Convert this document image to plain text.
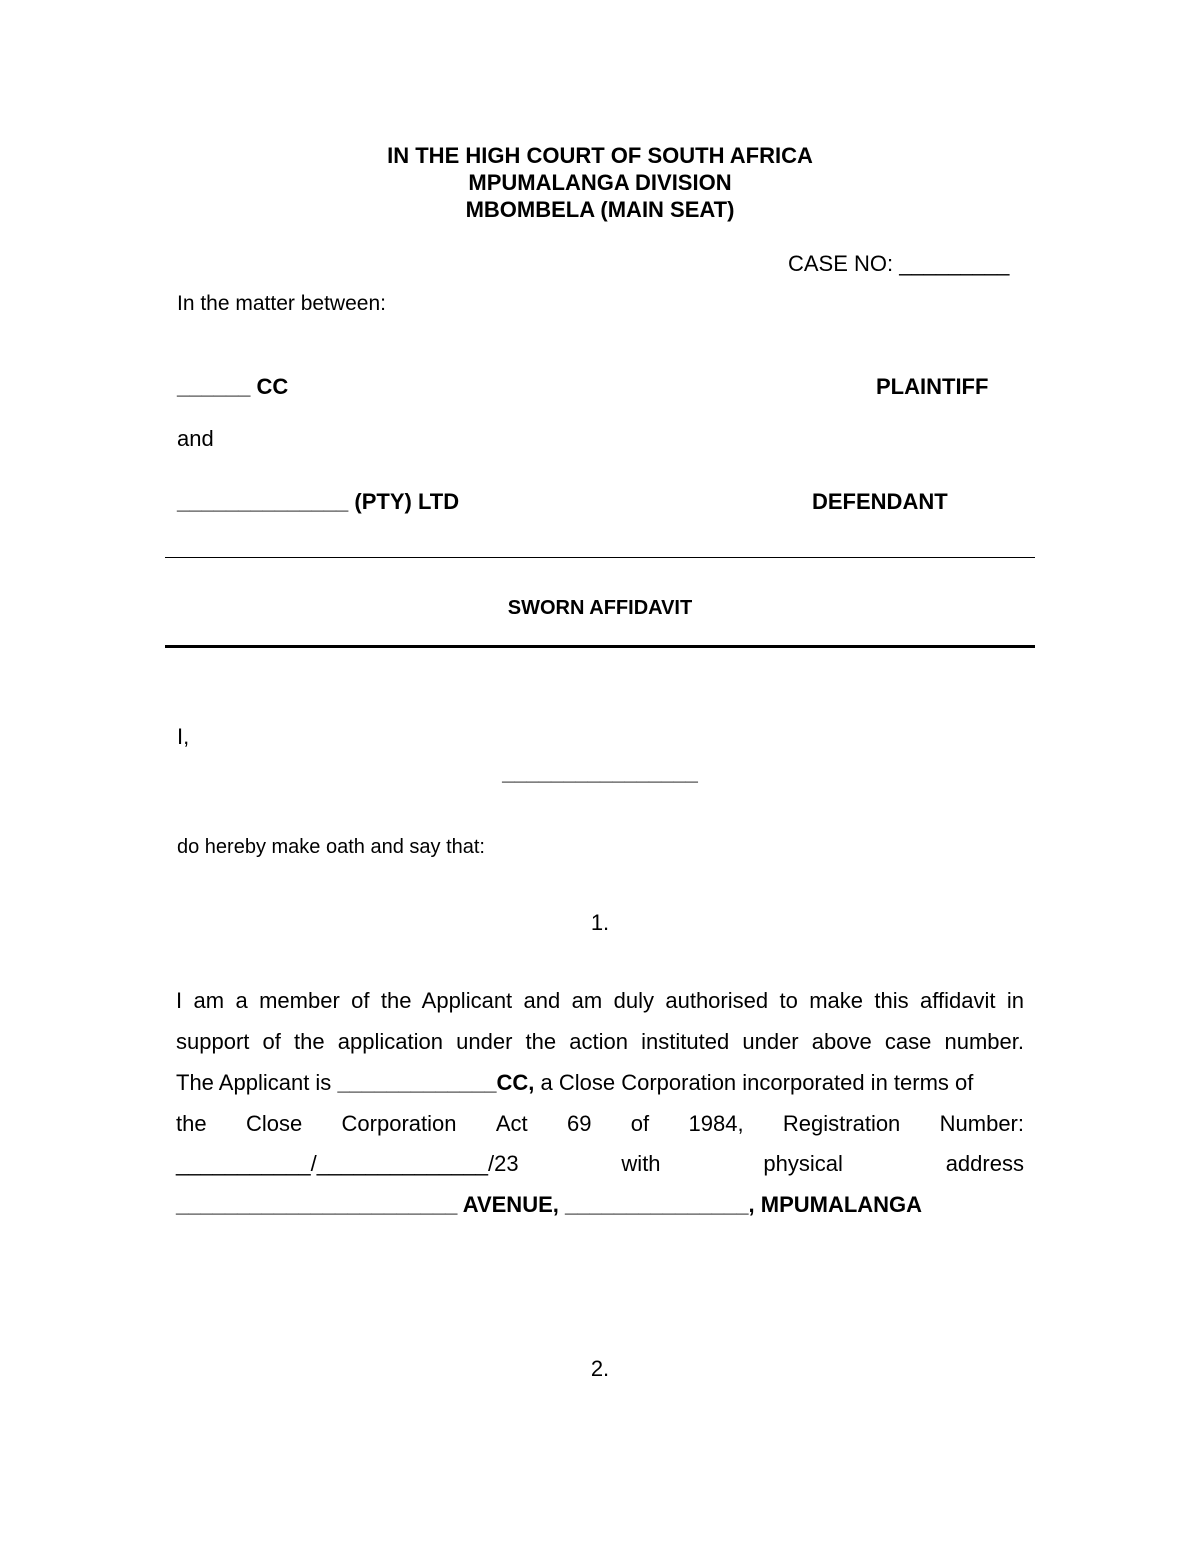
IN THE HIGH COURT OF SOUTH AFRICA
MPUMALANGA DIVISION
MBOMBELA (MAIN SEAT)
CASE NO: _________
In the matter between:
______ CC	PLAINTIFF
and
______________ (PTY) LTD	DEFENDANT
SWORN AFFIDAVIT
I,
________________
do hereby make oath and say that:
1.
I am a member of the Applicant and am duly authorised to make this affidavit in
support of the application under the action instituted under above case number.
The Applicant is _____________CC, a Close Corporation incorporated in terms of
the Close Corporation Act 69 of 1984, Registration Number:
___________/______________/23	with	physical	address
_______________________ AVENUE, _______________, MPUMALANGA
2.
